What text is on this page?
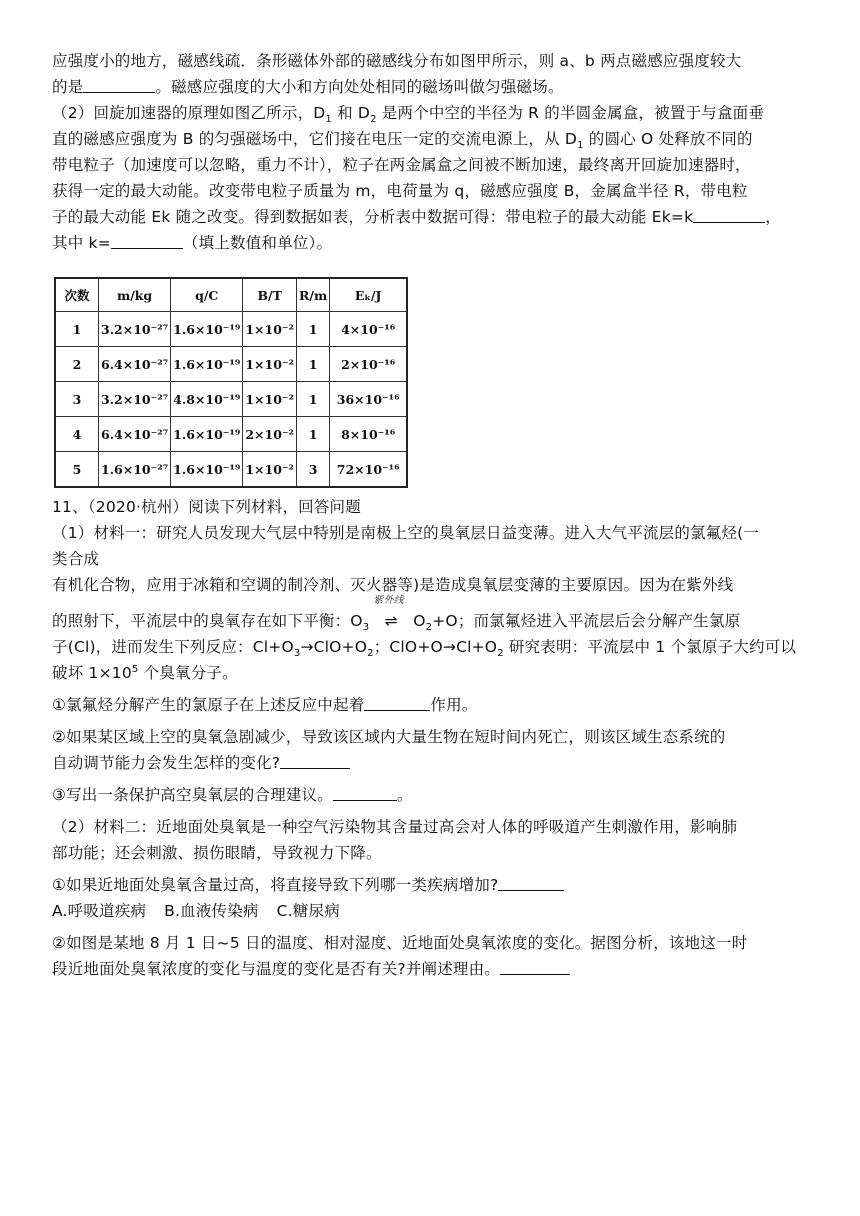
应强度小的地方，磁感线疏．条形磁体外部的磁感线分布如图甲所示，则 a、b 两点磁感应强度较大
的是	。磁感应强度的大小和方向处处相同的磁场叫做匀强磁场。
（2）回旋加速器的原理如图乙所示，$D_1$ 和 $D_2$ 是两个中空的半径为 R 的半圆金属盒，被置于与盒面垂
直的磁感应强度为 B 的匀强磁场中，它们接在电压一定的交流电源上，从 $D_1$ 的圆心 O 处释放不同的
带电粒子（加速度可以忽略，重力不计），粒子在两金属盒之间被不断加速，最终离开回旋加速器时，
获得一定的最大动能。改变带电粒子质量为 m，电荷量为 q，磁感应强度 B，金属盒半径 R，带电粒
子的最大动能 Ek 随之改变。得到数据如表，分析表中数据可得：带电粒子的最大动能 Ek=k	，
其中 k=	（填上数值和单位）。
次数	m/kg	q/C	B/T	R/m	Eₖ/J
1	3.2×10⁻²⁷	1.6×10⁻¹⁹	1×10⁻²	1	4×10⁻¹⁶
2	6.4×10⁻²⁷	1.6×10⁻¹⁹	1×10⁻²	1	2×10⁻¹⁶
3	3.2×10⁻²⁷	4.8×10⁻¹⁹	1×10⁻²	1	36×10⁻¹⁶
4	6.4×10⁻²⁷	1.6×10⁻¹⁹	2×10⁻²	1	8×10⁻¹⁶
5	1.6×10⁻²⁷	1.6×10⁻¹⁹	1×10⁻²	3	72×10⁻¹⁶
11、（2020·杭州）阅读下列材料，回答问题
（1）材料一：研究人员发现大气层中特别是南极上空的臭氧层日益变薄。进入大气平流层的氯氟烃(一
类合成
有机化合物，应用于冰箱和空调的制冷剂、灭火器等)是造成臭氧层变薄的主要原因。因为在紫外线
的照射下，平流层中的臭氧存在如下平衡：$O_3$
紫外线
⇌ $O_2+O$；而氯氟烃进入平流层后会分解产生氯原
子(Cl)，进而发生下列反应：$Cl+O_3\to ClO+O_2$；$ClO+O\to Cl+O_2$ 研究表明：平流层中 1 个氯原子大约可以
破坏 $1\times 10^5$ 个臭氧分子。
①氯氟烃分解产生的氯原子在上述反应中起着	作用。
②如果某区域上空的臭氧急剧减少，导致该区域内大量生物在短时间内死亡，则该区域生态系统的
自动调节能力会发生怎样的变化?
③写出一条保护高空臭氧层的合理建议。	。
（2）材料二：近地面处臭氧是一种空气污染物其含量过高会对人体的呼吸道产生刺激作用，影响肺
部功能；还会刺激、损伤眼睛，导致视力下降。
①如果近地面处臭氧含量过高，将直接导致下列哪一类疾病增加?
A.呼吸道疾病 B.血液传染病 C.糖尿病
②如图是某地 8 月 1 日~5 日的温度、相对湿度、近地面处臭氧浓度的变化。据图分析，该地这一时
段近地面处臭氧浓度的变化与温度的变化是否有关?并阐述理由。
